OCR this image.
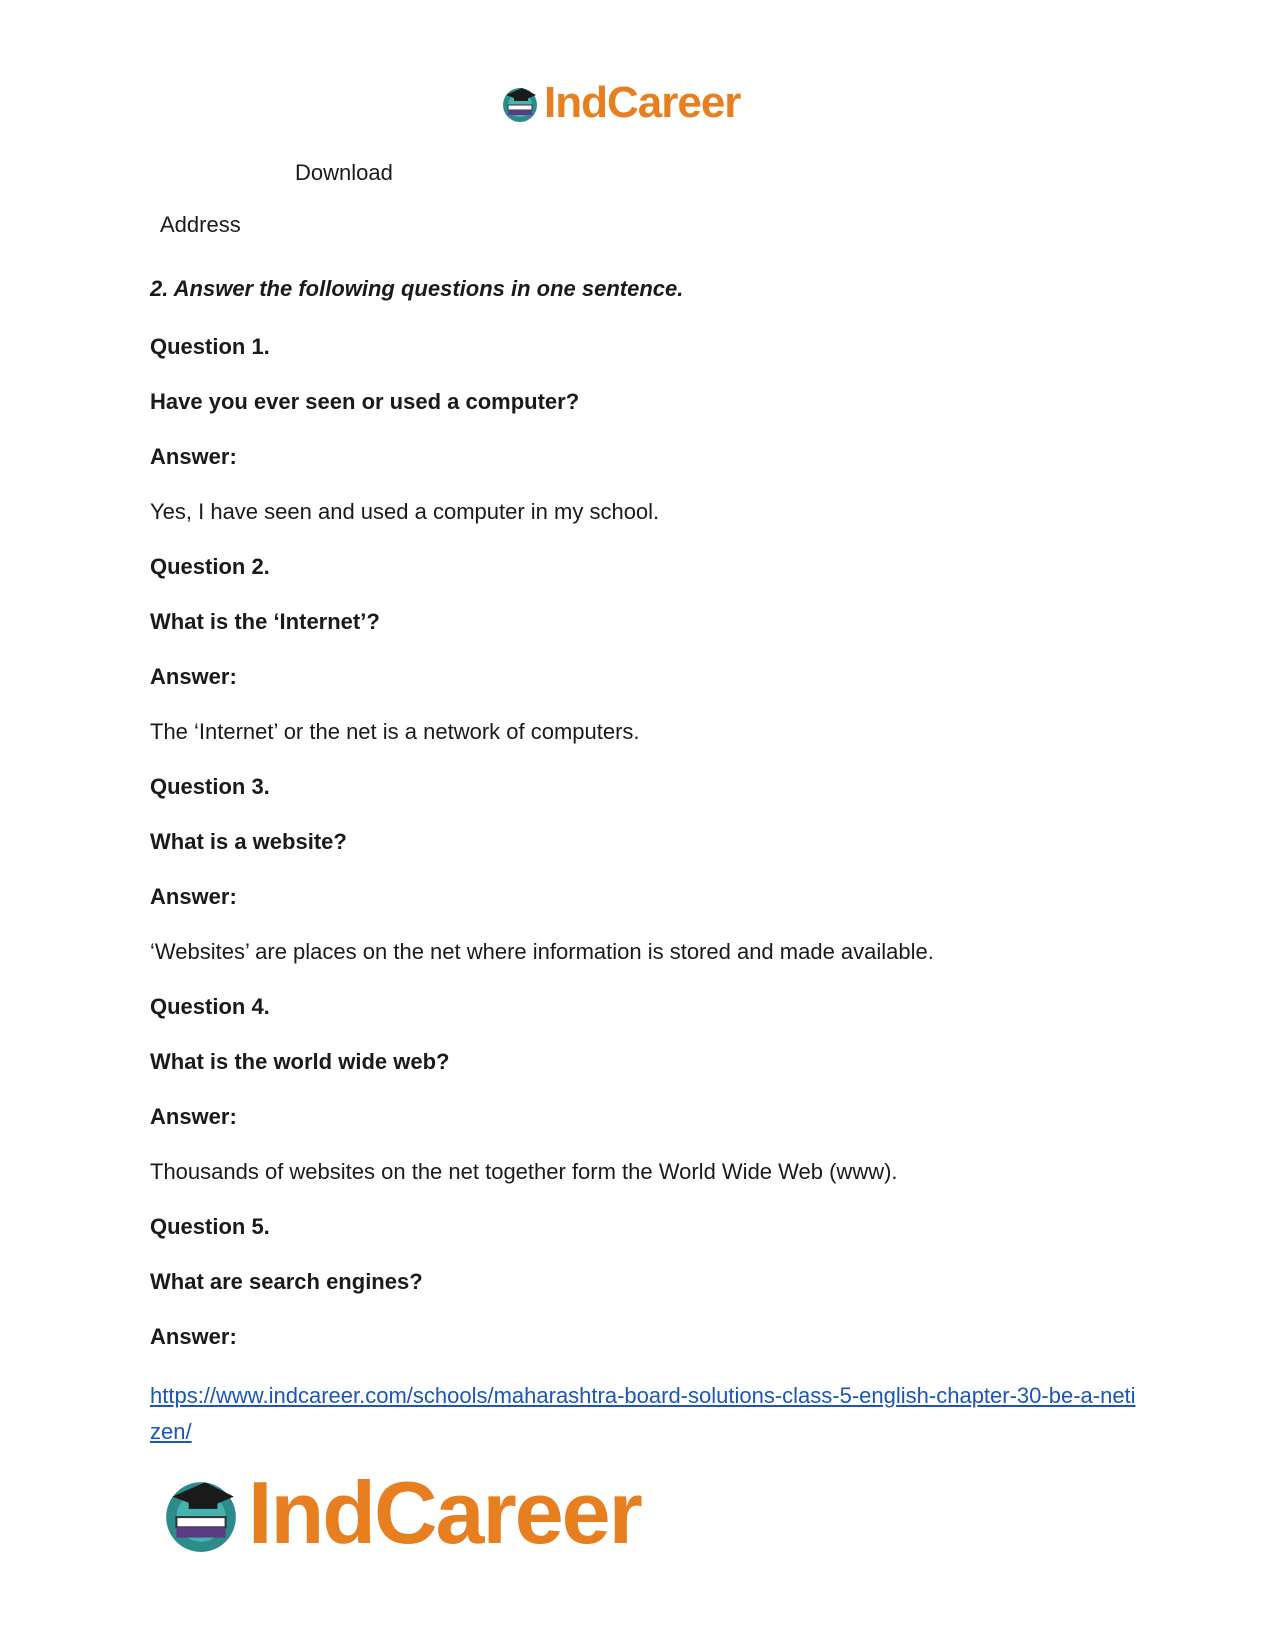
IndCareer
Download
Address

2. Answer the following questions in one sentence.

Question 1.

Have you ever seen or used a computer?

Answer:

Yes, I have seen and used a computer in my school.

Question 2.

What is the ‘Internet’?

Answer:

The ‘Internet’ or the net is a network of computers.

Question 3.

What is a website?

Answer:

‘Websites’ are places on the net where information is stored and made available.

Question 4.

What is the world wide web?

Answer:

Thousands of websites on the net together form the World Wide Web (www).

Question 5.

What are search engines?

Answer:

https://www.indcareer.com/schools/maharashtra-board-solutions-class-5-english-chapter-30-be-a-netizen/
IndCareer
